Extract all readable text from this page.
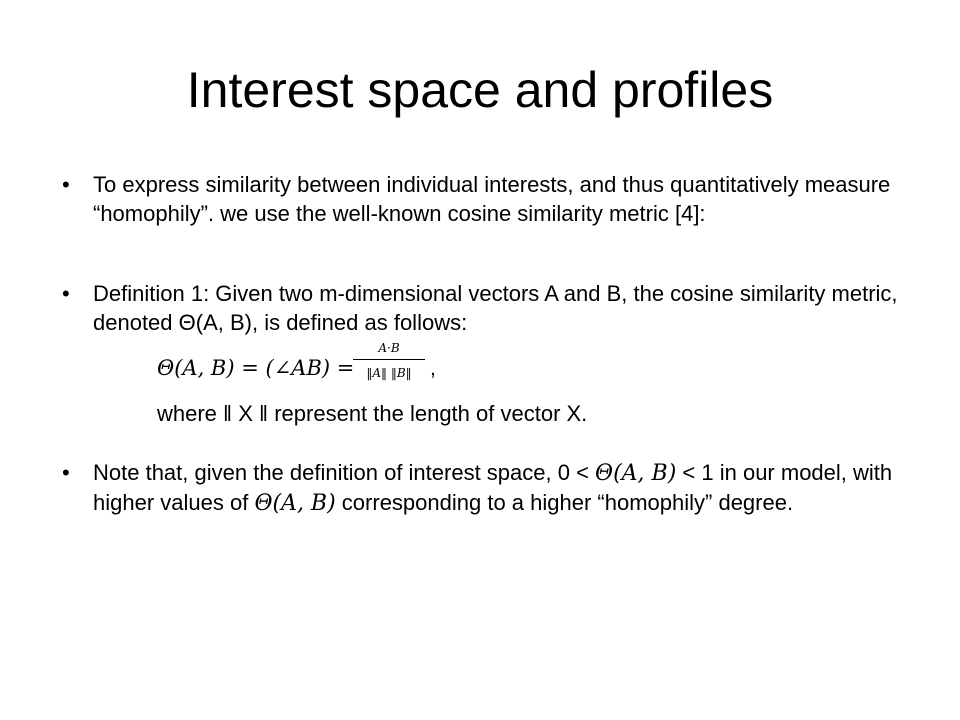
Interest space and profiles
• To express similarity between individual interests, and thus quantitatively measure “homophily”. we use the well-known cosine similarity metric [4]:
• Definition 1: Given two m-dimensional vectors A and B, the cosine similarity metric, denoted Θ(A, B), is defined as follows:
Θ(A, B) = (∠AB) =
A·B
‖A‖ ‖B‖ ,
where ‖ X ‖ represent the length of vector X.
• Note that, given the definition of interest space, 0 < Θ(A, B) < 1 in our model, with higher values of Θ(A, B) corresponding to a higher “homophily” degree.
